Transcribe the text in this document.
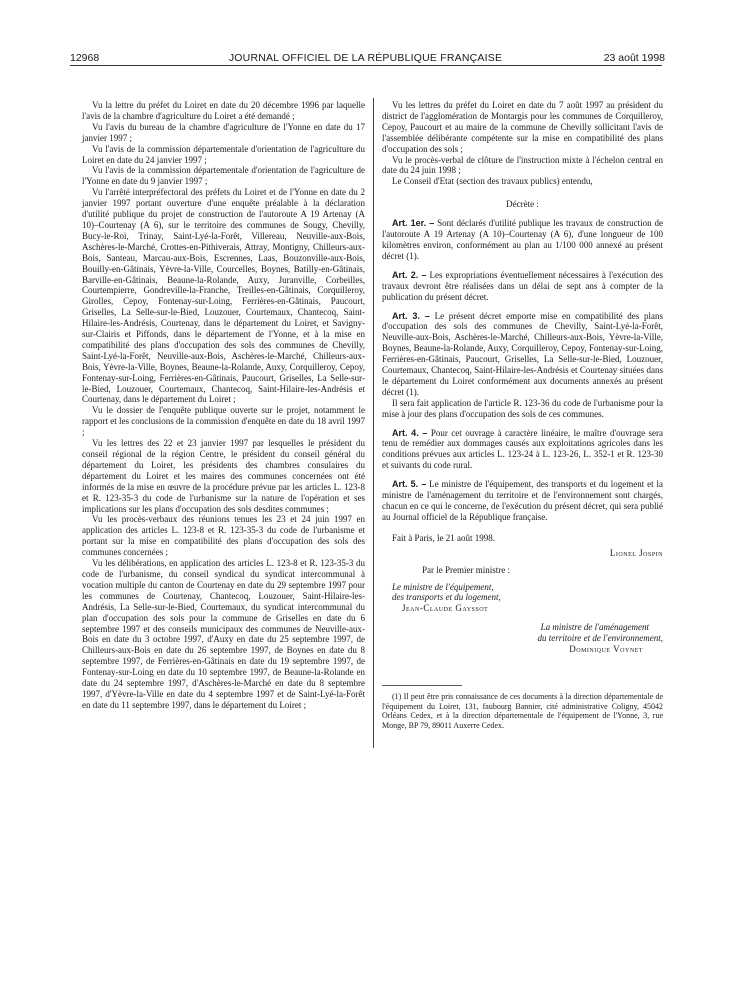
12968	JOURNAL OFFICIEL DE LA RÉPUBLIQUE FRANÇAISE	23 août 1998

Vu la lettre du préfet du Loiret en date du 20 décembre 1996 par laquelle l'avis de la chambre d'agriculture du Loiret a été demandé ;

Vu l'avis du bureau de la chambre d'agriculture de l'Yonne en date du 17 janvier 1997 ;

Vu l'avis de la commission départementale d'orientation de l'agriculture du Loiret en date du 24 janvier 1997 ;

Vu l'avis de la commission départementale d'orientation de l'agriculture de l'Yonne en date du 9 janvier 1997 ;

Vu l'arrêté interpréfectoral des préfets du Loiret et de l'Yonne en date du 2 janvier 1997 portant ouverture d'une enquête préalable à la déclaration d'utilité publique du projet de construction de l'autoroute A 19 Artenay (A 10)–Courtenay (A 6), sur le territoire des communes de Sougy, Chevilly, Bucy-le-Roi, Trinay, Saint-Lyé-la-Forêt, Villereau, Neuville-aux-Bois, Aschères-le-Marché, Crottes-en-Pithiverais, Attray, Montigny, Chilleurs-aux-Bois, Santeau, Marcau-aux-Bois, Escrennes, Laas, Bouzonville-aux-Bois, Bouilly-en-Gâtinais, Yèvre-la-Ville, Courcelles, Boynes, Batilly-en-Gâtinais, Barville-en-Gâtinais, Beaune-la-Rolande, Auxy, Juranville, Corbeilles, Courtempierre, Gondreville-la-Franche, Treilles-en-Gâtinais, Corquilleroy, Girolles, Cepoy, Fontenay-sur-Loing, Ferrières-en-Gâtinais, Paucourt, Griselles, La Selle-sur-le-Bied, Louzouer, Courtemaux, Chantecoq, Saint-Hilaire-les-Andrésis, Courtenay, dans le département du Loiret, et Savigny-sur-Clairis et Piffonds, dans le département de l'Yonne, et à la mise en compatibilité des plans d'occupation des sols des communes de Chevilly, Saint-Lyé-la-Forêt, Neuville-aux-Bois, Aschères-le-Marché, Chilleurs-aux-Bois, Yèvre-la-Ville, Boynes, Beaune-la-Rolande, Auxy, Corquilleroy, Cepoy, Fontenay-sur-Loing, Ferrières-en-Gâtinais, Paucourt, Griselles, La Selle-sur-le-Bied, Louzouer, Courtemaux, Chantecoq, Saint-Hilaire-les-Andrésis et Courtenay, dans le département du Loiret ;

Vu le dossier de l'enquête publique ouverte sur le projet, notamment le rapport et les conclusions de la commission d'enquête en date du 18 avril 1997 ;

Vu les lettres des 22 et 23 janvier 1997 par lesquelles le président du conseil régional de la région Centre, le président du conseil général du département du Loiret, les présidents des chambres consulaires du département du Loiret et les maires des communes concernées ont été informés de la mise en œuvre de la procédure prévue par les articles L. 123-8 et R. 123-35-3 du code de l'urbanisme sur la nature de l'opération et ses implications sur les plans d'occupation des sols desdites communes ;

Vu les procès-verbaux des réunions tenues les 23 et 24 juin 1997 en application des articles L. 123-8 et R. 123-35-3 du code de l'urbanisme et portant sur la mise en compatibilité des plans d'occupation des sols des communes concernées ;

Vu les délibérations, en application des articles L. 123-8 et R. 123-35-3 du code de l'urbanisme, du conseil syndical du syndicat intercommunal à vocation multiple du canton de Courtenay en date du 29 septembre 1997 pour les communes de Courtenay, Chantecoq, Louzouer, Saint-Hilaire-les-Andrésis, La Selle-sur-le-Bied, Courtemaux, du syndicat intercommunal du plan d'occupation des sols pour la commune de Griselles en date du 6 septembre 1997 et des conseils municipaux des communes de Neuville-aux-Bois en date du 3 octobre 1997, d'Auxy en date du 25 septembre 1997, de Chilleurs-aux-Bois en date du 26 septembre 1997, de Boynes en date du 8 septembre 1997, de Ferrières-en-Gâtinais en date du 19 septembre 1997, de Fontenay-sur-Loing en date du 10 septembre 1997, de Beaune-la-Rolande en date du 24 septembre 1997, d'Aschères-le-Marché en date du 8 septembre 1997, d'Yèvre-la-Ville en date du 4 septembre 1997 et de Saint-Lyé-la-Forêt en date du 11 septembre 1997, dans le département du Loiret ;

Vu les lettres du préfet du Loiret en date du 7 août 1997 au président du district de l'agglomération de Montargis pour les communes de Corquilleroy, Cepoy, Paucourt et au maire de la commune de Chevilly sollicitant l'avis de l'assemblée délibérante compétente sur la mise en compatibilité des plans d'occupation des sols ;

Vu le procès-verbal de clôture de l'instruction mixte à l'échelon central en date du 24 juin 1998 ;

Le Conseil d'Etat (section des travaux publics) entendu,

Décrète :

Art. 1er. – Sont déclarés d'utilité publique les travaux de construction de l'autoroute A 19 Artenay (A 10)–Courtenay (A 6), d'une longueur de 100 kilomètres environ, conformément au plan au 1/100 000 annexé au présent décret (1).

Art. 2. – Les expropriations éventuellement nécessaires à l'exécution des travaux devront être réalisées dans un délai de sept ans à compter de la publication du présent décret.

Art. 3. – Le présent décret emporte mise en compatibilité des plans d'occupation des sols des communes de Chevilly, Saint-Lyé-la-Forêt, Neuville-aux-Bois, Aschères-le-Marché, Chilleurs-aux-Bois, Yèvre-la-Ville, Boynes, Beaune-la-Rolande, Auxy, Corquilleroy, Cepoy, Fontenay-sur-Loing, Ferrières-en-Gâtinais, Paucourt, Griselles, La Selle-sur-le-Bied, Louzouer, Courtemaux, Chantecoq, Saint-Hilaire-les-Andrésis et Courtenay situées dans le département du Loiret conformément aux documents annexés au présent décret (1).

Il sera fait application de l'article R. 123-36 du code de l'urbanisme pour la mise à jour des plans d'occupation des sols de ces communes.

Art. 4. – Pour cet ouvrage à caractère linéaire, le maître d'ouvrage sera tenu de remédier aux dommages causés aux exploitations agricoles dans les conditions prévues aux articles L. 123-24 à L. 123-26, L. 352-1 et R. 123-30 et suivants du code rural.

Art. 5. – Le ministre de l'équipement, des transports et du logement et la ministre de l'aménagement du territoire et de l'environnement sont chargés, chacun en ce qui le concerne, de l'exécution du présent décret, qui sera publié au Journal officiel de la République française.

Fait à Paris, le 21 août 1998.

Lionel Jospin

Par le Premier ministre :

Le ministre de l'équipement,

des transports et du logement,

Jean-Claude Gayssot

La ministre de l'aménagement

du territoire et de l'environnement,

Dominique Voynet

(1) Il peut être pris connaissance de ces documents à la direction départementale de l'équipement du Loiret, 131, faubourg Bannier, cité administrative Coligny, 45042 Orléans Cedex, et à la direction départementale de l'équipement de l'Yonne, 3, rue Monge, BP 79, 89011 Auxerre Cedex.
